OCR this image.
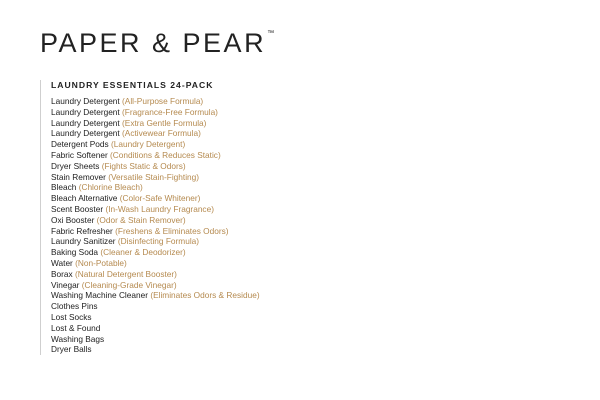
PAPER & PEAR™
LAUNDRY ESSENTIALS 24-PACK
Laundry Detergent (All-Purpose Formula)
Laundry Detergent (Fragrance-Free Formula)
Laundry Detergent (Extra Gentle Formula)
Laundry Detergent (Activewear Formula)
Detergent Pods (Laundry Detergent)
Fabric Softener (Conditions & Reduces Static)
Dryer Sheets (Fights Static & Odors)
Stain Remover (Versatile Stain-Fighting)
Bleach (Chlorine Bleach)
Bleach Alternative (Color-Safe Whitener)
Scent Booster (In-Wash Laundry Fragrance)
Oxi Booster (Odor & Stain Remover)
Fabric Refresher (Freshens & Eliminates Odors)
Laundry Sanitizer (Disinfecting Formula)
Baking Soda (Cleaner & Deodorizer)
Water (Non-Potable)
Borax (Natural Detergent Booster)
Vinegar (Cleaning-Grade Vinegar)
Washing Machine Cleaner (Eliminates Odors & Residue)
Clothes Pins
Lost Socks
Lost & Found
Washing Bags
Dryer Balls
